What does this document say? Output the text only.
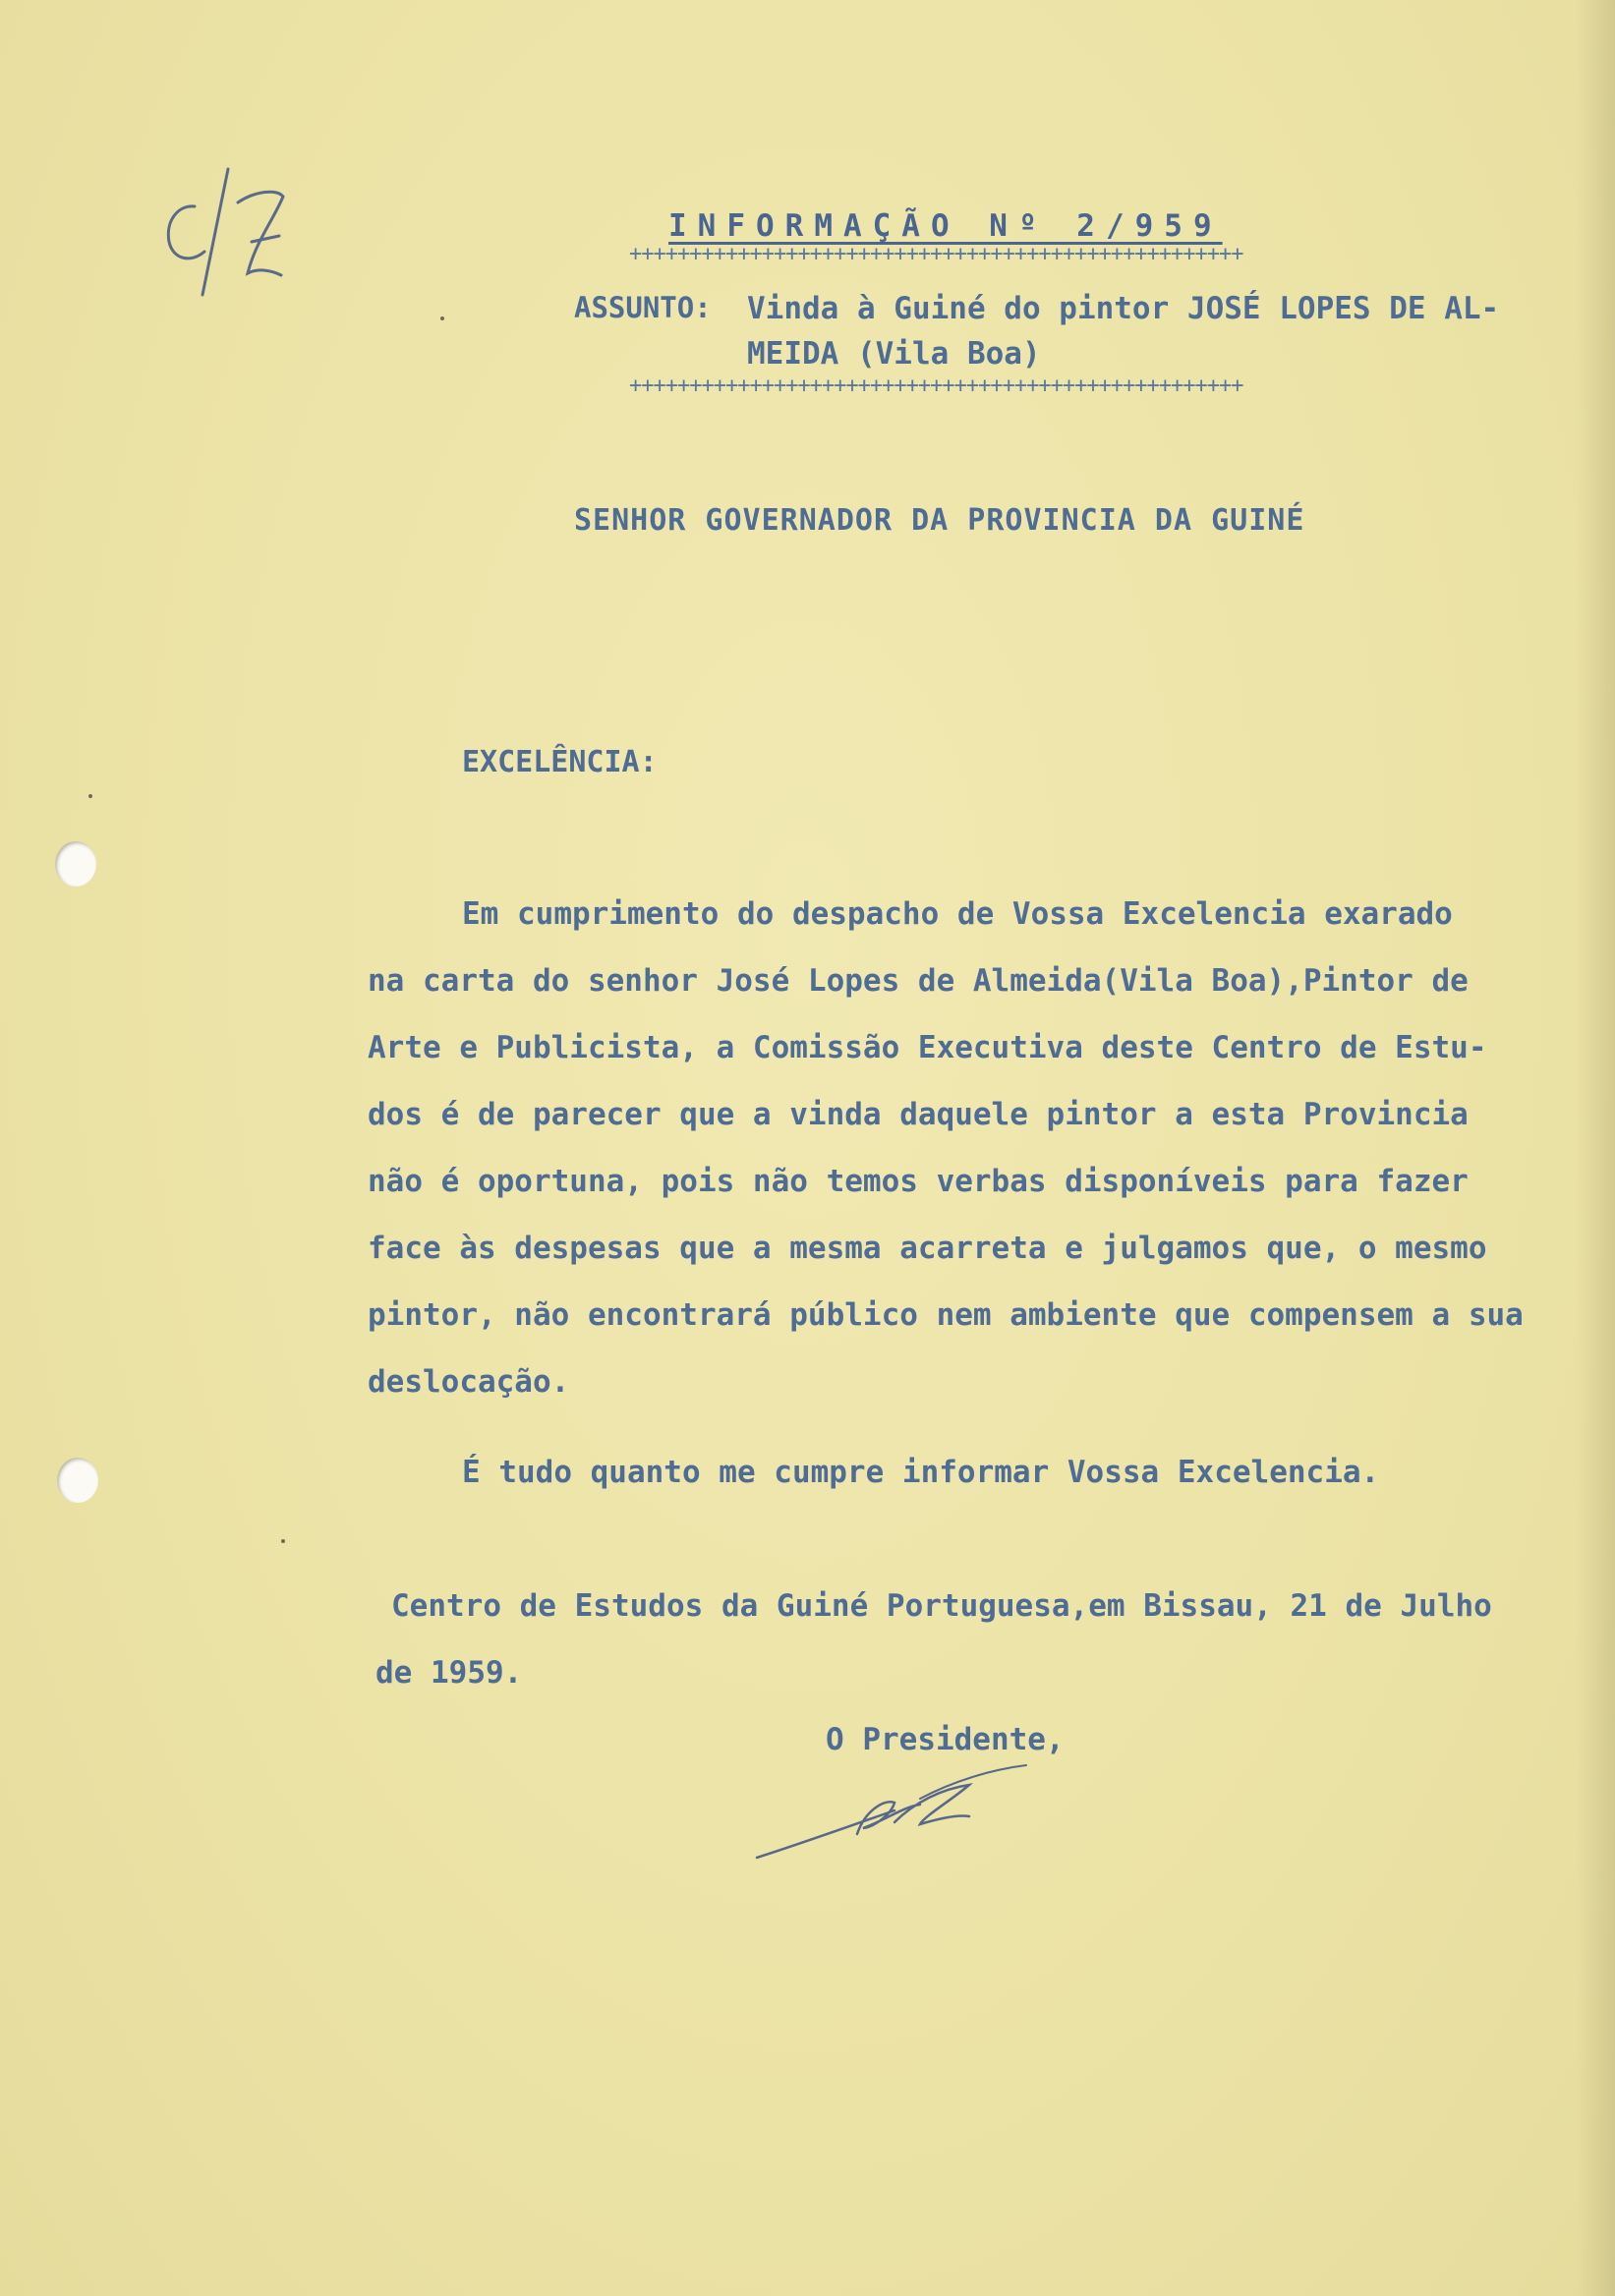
INFORMAÇÃO Nº 2/959
+++++++++++++++++++++++++++++++++++++++++++++++++++
ASSUNTO: Vinda à Guiné do pintor JOSÉ LOPES DE AL-
MEIDA (Vila Boa)
+++++++++++++++++++++++++++++++++++++++++++++++++++
SENHOR GOVERNADOR DA PROVINCIA DA GUINÉ
EXCELÊNCIA:
Em cumprimento do despacho de Vossa Excelencia exarado
na carta do senhor José Lopes de Almeida(Vila Boa),Pintor de
Arte e Publicista, a Comissão Executiva deste Centro de Estu-
dos é de parecer que a vinda daquele pintor a esta Provincia
não é oportuna, pois não temos verbas disponíveis para fazer
face às despesas que a mesma acarreta e julgamos que, o mesmo
pintor, não encontrará público nem ambiente que compensem a sua
deslocação.
É tudo quanto me cumpre informar Vossa Excelencia.
Centro de Estudos da Guiné Portuguesa,em Bissau, 21 de Julho
de 1959.
O Presidente,
